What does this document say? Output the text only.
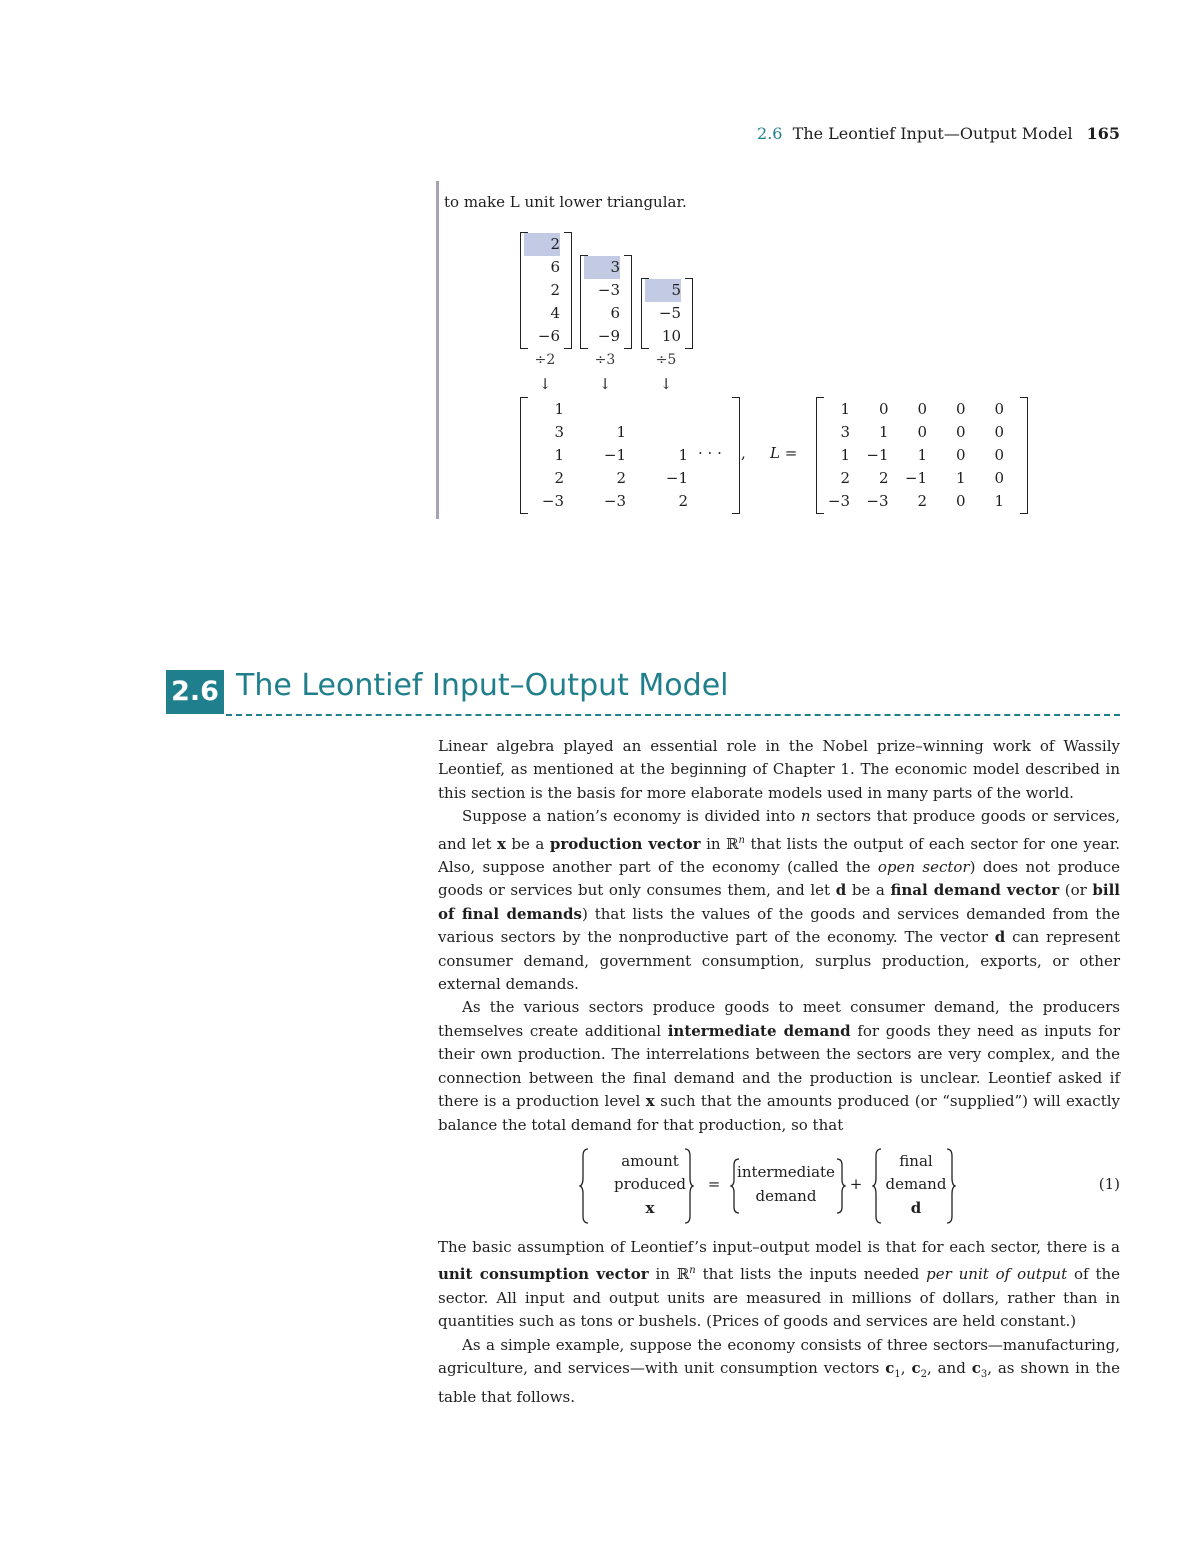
2.6 The Leontief Input—Output Model 165
to make L unit lower triangular.
2
6
2
4
−6
÷2
↓
3
−3
6
−9
÷3
↓
5
−5
10
÷5
↓
1
3	1
1	−1	1
2	2	−1
−3	−3	2
· · · , L =
1	0	0	0	0
3	1	0	0	0
1	−1	1	0	0
2	2	−1	1	0
−3	−3	2	0	1
2.6 The Leontief Input–Output Model

Linear algebra played an essential role in the Nobel prize–winning work of Wassily Leontief, as mentioned at the beginning of Chapter 1. The economic model described in this section is the basis for more elaborate models used in many parts of the world.

Suppose a nation’s economy is divided into n sectors that produce goods or services, and let x be a production vector in ℝ$^n$ that lists the output of each sector for one year. Also, suppose another part of the economy (called the open sector) does not produce goods or services but only consumes them, and let d be a final demand vector (or bill of final demands) that lists the values of the goods and services demanded from the various sectors by the nonproductive part of the economy. The vector d can represent consumer demand, government consumption, surplus production, exports, or other external demands.

As the various sectors produce goods to meet consumer demand, the producers themselves create additional intermediate demand for goods they need as inputs for their own production. The interrelations between the sectors are very complex, and the connection between the final demand and the production is unclear. Leontief asked if there is a production level x such that the amounts produced (or “supplied”) will exactly balance the total demand for that production, so that

amount
produced
x
=
intermediate
demand
+
final
demand
d
(1)

The basic assumption of Leontief’s input–output model is that for each sector, there is a unit consumption vector in ℝ$^n$ that lists the inputs needed per unit of output of the sector. All input and output units are measured in millions of dollars, rather than in quantities such as tons or bushels. (Prices of goods and services are held constant.)

As a simple example, suppose the economy consists of three sectors—manufacturing, agriculture, and services—with unit consumption vectors $c_1$, $c_2$, and $c_3$, as shown in the table that follows.
